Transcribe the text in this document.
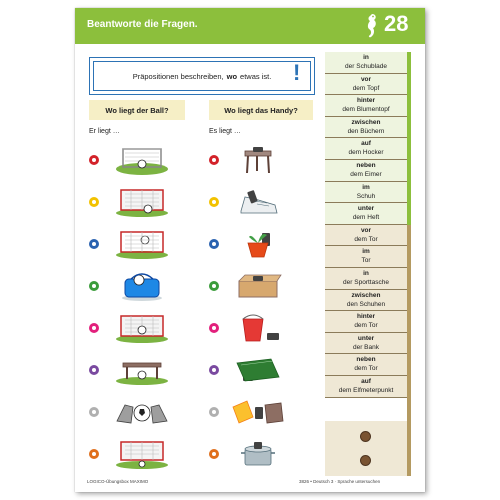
Beantworte die Fragen.	28
Präpositionen beschreiben, wo etwas ist. !
Wo liegt der Ball?	Wo liegt das Handy?
Er liegt …	Es liegt …
in
der Schublade
vor
dem Topf
hinter
dem Blumentopf
zwischen
den Büchern
auf
dem Hocker
neben
dem Eimer
im
Schuh
unter
dem Heft
vor
dem Tor
im
Tor
in
der Sporttasche
zwischen
den Schuhen
hinter
dem Tor
unter
der Bank
neben
dem Tor
auf
dem Elfmeterpunkt
LOGICO-Übungsbox MAXIMO	3826 • Deutsch 3 · Sprache untersuchen
